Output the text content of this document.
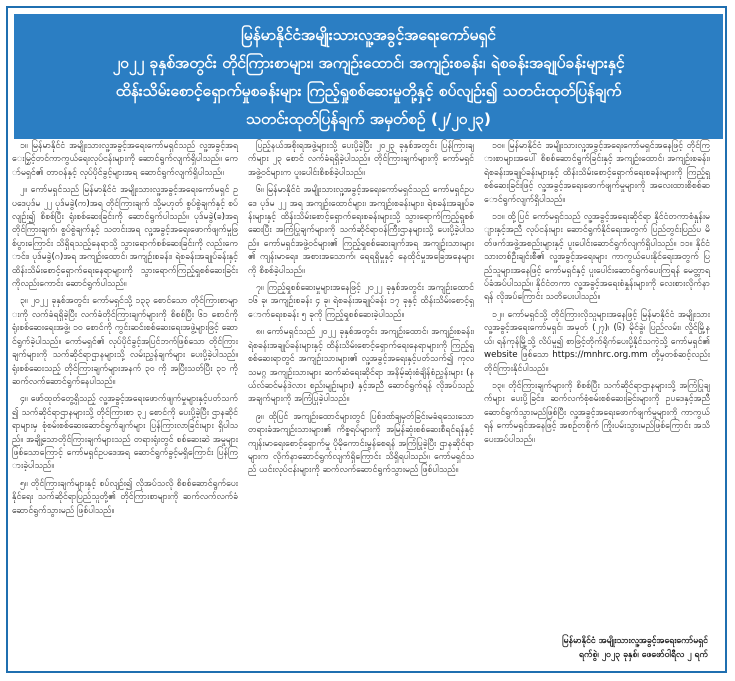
မြန်မာနိုင်ငံအမျိုးသားလူ့အခွင့်အရေးကော်မရှင်
၂၀၂၂ ခုနှစ်အတွင်း တိုင်ကြားစာများ၊ အကျဉ်းထောင်၊ အကျဉ်းစခန်း၊ ရဲစခန်းအချုပ်ခန်းများနှင့်
ထိန်းသိမ်းစောင့်ရှောက်မှုစခန်းများ ကြည့်ရှုစစ်ဆေးမှုတို့နှင့် စပ်လျဉ်း၍ သတင်းထုတ်ပြန်ချက်
သတင်းထုတ်ပြန်ချက် အမှတ်စဉ် (၂/၂၀၂၃)

၁။ မြန်မာနိုင်ငံ အမျိုးသားလူ့အခွင့်အရေးကော်မရှင်သည် လူ့အခွင့်အရေးမြှင့်တင်ကာကွယ်ရေးလုပ်ငန်းများကို ဆောင်ရွက်လျက်ရှိပါသည်။ ကော်မရှင်၏ တာဝန်နှင့် လုပ်ပိုင်ခွင့်များအရ ဆောင်ရွက်လျက်ရှိပါသည်။

၂။ ကော်မရှင်သည် မြန်မာနိုင်ငံ အမျိုးသားလူ့အခွင့်အရေးကော်မရှင် ဥပဒေပုဒ်မ ၂၂ ပုဒ်မခွဲ(က)အရ တိုင်ကြားချက် သို့မဟုတ် စွပ်စွဲချက်နှင့် စပ်လျဉ်း၍ စိစစ်ပြီး ရုံးစစ်ဆေးခြင်းကို ဆောင်ရွက်ပါသည်။ ပုဒ်မခွဲ(ခ)အရ တိုင်ကြားချက်၊ စွပ်စွဲချက်နှင့် သတင်းအရ လူ့အခွင့်အရေးဖောက်ဖျက်မှုဖြစ်ပွားကြောင်း သိရှိရသည့်နေရာသို့ သွားရောက်စစ်ဆေးခြင်းကို လည်းကောင်း၊ ပုဒ်မခွဲ(ဂ)အရ အကျဉ်းထောင်၊ အကျဉ်းစခန်း၊ ရဲစခန်းအချုပ်ခန်းနှင့် ထိန်းသိမ်းစောင့်ရှောက်ရေးနေရာများကို သွားရောက်ကြည့်ရှုစစ်ဆေးခြင်းကိုလည်းကောင်း ဆောင်ရွက်ပါသည်။

၃။ ၂၀၂၂ ခုနှစ်အတွင်း ကော်မရှင်သို့ ၁၃၃ စောင်သော တိုင်ကြားစာများကို လက်ခံရရှိခဲ့ပြီး လက်ခံတိုင်ကြားချက်များကို စိစစ်ပြီး ၆၁ စောင်ကို ရုံးစစ်ဆေးရေးအဖွဲ့၊ ၁၀ စောင်ကို ကွင်းဆင်းစစ်ဆေးရေးအဖွဲ့များဖြင့် ဆောင်ရွက်ခဲ့ပါသည်။ ကော်မရှင်၏ လုပ်ပိုင်ခွင့်အပြင်ဘက်ဖြစ်သော တိုင်ကြားချက်များကို သက်ဆိုင်ရာဌာနများသို့ လမ်းညွှန်ချက်များ ပေးပို့ခဲ့ပါသည်။ ရုံးစစ်ဆေးသည့် တိုင်ကြားချက်များအနက် ၃၀ ကို အပြီးသတ်ပြီး ၃၁ ကို ဆက်လက်ဆောင်ရွက်နေပါသည်။

၄။ ဖော်ထုတ်တွေ့ရှိသည့် လူ့အခွင့်အရေးဖောက်ဖျက်မှုများနှင့်ပတ်သက်၍ သက်ဆိုင်ရာဌာနများသို့ တိုင်ကြားစာ ၃၂ စောင်ကို ပေးပို့ခဲ့ပြီး ဌာနဆိုင်ရာများမှ စုံစမ်းစစ်ဆေးဆောင်ရွက်ချက်များ ပြန်ကြားလာခြင်းများ ရှိပါသည်။ အချို့သောတိုင်ကြားချက်များသည် တရားရုံးတွင် စစ်ဆေးဆဲ အမှုများဖြစ်သောကြောင့် ကော်မရှင်ဥပဒေအရ ဆောင်ရွက်ခွင့်မရှိကြောင်း ပြန်ကြားခဲ့ပါသည်။

၅။ တိုင်ကြားချက်များနှင့် စပ်လျဉ်း၍ လိုအပ်သလို စိစစ်ဆောင်ရွက်ပေးနိုင်ရေး သက်ဆိုင်ရာပြည်သူတို့၏ တိုင်ကြားစာများကို ဆက်လက်လက်ခံဆောင်ရွက်သွားမည် ဖြစ်ပါသည်။

ပြည့်နယ်အစိုးရအဖွဲ့များသို့ ပေးပို့ခဲ့ပြီး ၂၀၂၃ ခုနှစ်အတွင်း ပြန်ကြားချက်များ ၂၃ စောင် လက်ခံရရှိခဲ့ပါသည်။ တိုင်ကြားချက်များကို ကော်မရှင်အဖွဲ့ဝင်များက ပူးပေါင်းစိစစ်ခဲ့ပါသည်။

၆။ မြန်မာနိုင်ငံ အမျိုးသားလူ့အခွင့်အရေးကော်မရှင်သည် ကော်မရှင်ဥပဒေ ပုဒ်မ ၂၂ အရ အကျဉ်းထောင်များ၊ အကျဉ်းစခန်းများ၊ ရဲစခန်းအချုပ်ခန်းများနှင့် ထိန်းသိမ်းစောင့်ရှောက်ရေးစခန်းများသို့ သွားရောက်ကြည့်ရှုစစ်ဆေးပြီး အကြံပြုချက်များကို သက်ဆိုင်ရာဝန်ကြီးဌာနများသို့ ပေးပို့ခဲ့ပါသည်။ ကော်မရှင်အဖွဲ့ဝင်များ၏ ကြည့်ရှုစစ်ဆေးချက်အရ အကျဉ်းသားများ၏ ကျန်းမာရေး၊ အစားအသောက်၊ ရေရရှိမှုနှင့် နေထိုင်မှုအခြေအနေများကို စိစစ်ခဲ့ပါသည်။

၇။ ကြည့်ရှုစစ်ဆေးမှုများအနေဖြင့် ၂၀၂၂ ခုနှစ်အတွင်း အကျဉ်းထောင် ၁၆ ခု၊ အကျဉ်းစခန်း ၄ ခု၊ ရဲစခန်းအချုပ်ခန်း ၁၇ ခုနှင့် ထိန်းသိမ်းစောင့်ရှောက်ရေးစခန်း ၅ ခုကို ကြည့်ရှုစစ်ဆေးခဲ့ပါသည်။

၈။ ကော်မရှင်သည် ၂၀၂၂ ခုနှစ်အတွင်း အကျဉ်းထောင်၊ အကျဉ်းစခန်း၊ ရဲစခန်းအချုပ်ခန်းများနှင့် ထိန်းသိမ်းစောင့်ရှောက်ရေးနေရာများကို ကြည့်ရှုစစ်ဆေးရာတွင် အကျဉ်းသားများ၏ လူ့အခွင့်အရေးနှင့်ပတ်သက်၍ ကုလသမဂ္ဂ အကျဉ်းသားများ ဆက်ဆံရေးဆိုင်ရာ အနိမ့်ဆုံးစံချိန်စံညွှန်းများ (နယ်လ်ဆင်မန်ဒဲလား စည်းမျဉ်းများ) နှင့်အညီ ဆောင်ရွက်ရန် လိုအပ်သည့်အချက်များကို အကြံပြုခဲ့ပါသည်။

၉။ ထိုပြင် အကျဉ်းထောင်များတွင် ပြစ်ဒဏ်ချမှတ်ခြင်းမခံရသေးသော တရားခံအကျဉ်းသားများ၏ ကိစ္စရပ်များကို အမြန်ဆုံးစစ်ဆေးစီရင်ရန်နှင့် ကျန်းမာရေးစောင့်ရှောက်မှု ပိုမိုကောင်းမွန်စေရန် အကြံပြုခဲ့ပြီး ဌာနဆိုင်ရာများက လိုက်နာဆောင်ရွက်လျက်ရှိကြောင်း သိရှိရပါသည်။ ကော်မရှင်သည် ယင်းလုပ်ငန်းများကို ဆက်လက်ဆောင်ရွက်သွားမည် ဖြစ်ပါသည်။

၁၀။ မြန်မာနိုင်ငံ အမျိုးသားလူ့အခွင့်အရေးကော်မရှင်အနေဖြင့် တိုင်ကြားစာများအပေါ် စိစစ်ဆောင်ရွက်ခြင်းနှင့် အကျဉ်းထောင်၊ အကျဉ်းစခန်း၊ ရဲစခန်းအချုပ်ခန်းများနှင့် ထိန်းသိမ်းစောင့်ရှောက်ရေးစခန်းများကို ကြည့်ရှုစစ်ဆေးခြင်းဖြင့် လူ့အခွင့်အရေးဖောက်ဖျက်မှုများကို အလေးထားစိစစ်ဆောင်ရွက်လျက်ရှိပါသည်။

၁၁။ ထို့ပြင် ကော်မရှင်သည် လူ့အခွင့်အရေးဆိုင်ရာ နိုင်ငံတကာစံနှုန်းများနှင့်အညီ လုပ်ငန်းများ ဆောင်ရွက်နိုင်ရေးအတွက် ပြည်တွင်းပြည်ပ မိတ်ဖက်အဖွဲ့အစည်းများနှင့် ပူးပေါင်းဆောင်ရွက်လျက်ရှိပါသည်။ ၁၁။ နိုင်ငံသားတစ်ဦးချင်းစီ၏ လူ့အခွင့်အရေးများ ကာကွယ်ပေးနိုင်ရေးအတွက် ပြည်သူများအနေဖြင့် ကော်မရှင်နှင့် ပူးပေါင်းဆောင်ရွက်ပေးကြရန် မေတ္တာရပ်ခံအပ်ပါသည်။ နိုင်ငံတကာ လူ့အခွင့်အရေးစံနှုန်းများကို လေးစားလိုက်နာရန် လိုအပ်ကြောင်း သတိပေးပါသည်။

၁၂။ ကော်မရှင်သို့ တိုင်ကြားလိုသူများအနေဖြင့် မြန်မာနိုင်ငံ အမျိုးသားလူ့အခွင့်အရေးကော်မရှင်၊ အမှတ် (၂၇)၊ (၆) မိုင်ခွဲ၊ ပြည်လမ်း၊ လှိုင်မြို့နယ်၊ ရန်ကုန်မြို့သို့ လိပ်မူ၍ စာဖြင့်တိုက်ရိုက်ပေးပို့နိုင်သကဲ့သို့ ကော်မရှင်၏ website ဖြစ်သော https://mnhrc.org.mm တို့မှတစ်ဆင့်လည်း တိုင်ကြားနိုင်ပါသည်။

၁၃။ တိုင်ကြားချက်များကို စိစစ်ပြီး သက်ဆိုင်ရာဌာနများသို့ အကြံပြုချက်များ ပေးပို့ခြင်း၊ ဆက်လက်စုံစမ်းစစ်ဆေးခြင်းများကို ဥပဒေနှင့်အညီ ဆောင်ရွက်သွားမည်ဖြစ်ပြီး လူ့အခွင့်အရေးဖောက်ဖျက်မှုများကို ကာကွယ်ရန် ကော်မရှင်အနေဖြင့် အစဉ်တစိုက် ကြိုးပမ်းသွားမည်ဖြစ်ကြောင်း အသိပေးအပ်ပါသည်။

မြန်မာနိုင်ငံ အမျိုးသားလူ့အခွင့်အရေးကော်မရှင်
ရက်စွဲ၊ ၂၀၂၃ ခုနှစ်၊ ဖေဖော်ဝါရီလ ၂ ရက်
